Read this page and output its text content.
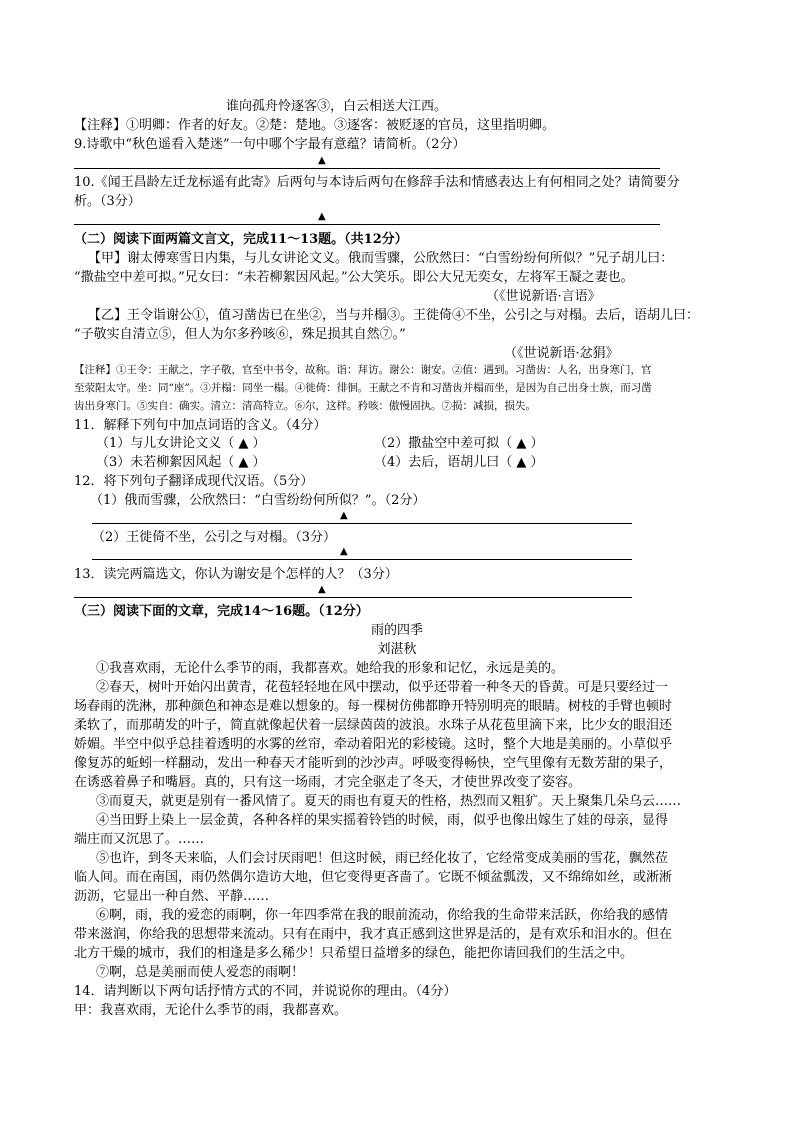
谁向孤舟怜逐客③，白云相送大江西。
【注释】①明卿：作者的好友。②楚：楚地。③逐客：被贬逐的官员，这里指明卿。
9.诗歌中“秋色遥看入楚迷”一句中哪个字最有意蕴？请简析。（2分）
▲
10.《闻王昌龄左迁龙标遥有此寄》后两句与本诗后两句在修辞手法和情感表达上有何相同之处？请简要分
析。（3分）
▲
（二）阅读下面两篇文言文，完成11～13题。（共12分）
【甲】谢太傅寒雪日内集，与儿女讲论文义。俄而雪骤，公欣然曰：“白雪纷纷何所似？”兄子胡儿曰：
“撒盐空中差可拟。”兄女曰：“未若柳絮因风起。”公大笑乐。即公大兄无奕女，左将军王凝之妻也。
（《世说新语·言语》
【乙】王令诣谢公①，值习凿齿已在坐②，当与并榻③。王徙倚④不坐，公引之与对榻。去后，语胡儿曰：
“子敬实自清立⑤，但人为尔多矜咳⑥，殊足损其自然⑦。”
（《世说新语·忿狷》
【注释】①王令：王献之，字子敬，官至中书令，故称。诣：拜访。谢公：谢安。②值：遇到。习凿齿：人名，出身寒门，官
至荥阳太守。坐：同“座”。③并榻：同坐一榻。④徙倚：徘徊。王献之不肯和习凿齿并榻而坐，是因为自己出身士族，而习凿
齿出身寒门。⑤实自：确实。清立：清高特立。⑥尔，这样。矜咳：傲慢固执。⑦损：减损，损失。
11．解释下列句中加点词语的含义。（4分）
（1）与儿女讲论文义（ ▲ ）	（2）撒盐空中差可拟（ ▲ ）
（3）未若柳絮因风起（ ▲ ）	（4）去后，语胡儿曰（ ▲ ）
12．将下列句子翻译成现代汉语。（5分）
（1）俄而雪骤，公欣然曰：“白雪纷纷何所似？”。（2分）
▲
（2）王徙倚不坐，公引之与对榻。（3分）
▲
13．读完两篇选文，你认为谢安是个怎样的人？（3分）
▲
（三）阅读下面的文章，完成14～16题。（12分）
雨的四季
刘湛秋
①我喜欢雨，无论什么季节的雨，我都喜欢。她给我的形象和记忆，永远是美的。
②春天，树叶开始闪出黄青，花苞轻轻地在风中摆动，似乎还带着一种冬天的昏黄。可是只要经过一
场春雨的洗淋，那种颜色和神态是难以想象的。每一棵树仿佛都睁开特别明亮的眼睛。树枝的手臂也顿时
柔软了，而那萌发的叶子，简直就像起伏着一层绿茵茵的波浪。水珠子从花苞里滴下来，比少女的眼泪还
娇媚。半空中似乎总挂着透明的水雾的丝帘，牵动着阳光的彩棱镜。这时，整个大地是美丽的。小草似乎
像复苏的蚯蚓一样翻动，发出一种春天才能听到的沙沙声。呼吸变得畅快，空气里像有无数芳甜的果子，
在诱惑着鼻子和嘴唇。真的，只有这一场雨，才完全驱走了冬天，才使世界改变了姿容。
③而夏天，就更是别有一番风情了。夏天的雨也有夏天的性格，热烈而又粗犷。天上聚集几朵乌云……
④当田野上染上一层金黄，各种各样的果实摇着铃铛的时候，雨，似乎也像出嫁生了娃的母亲，显得
端庄而又沉思了。……
⑤也许，到冬天来临，人们会讨厌雨吧！但这时候，雨已经化妆了，它经常变成美丽的雪花，飘然莅
临人间。而在南国，雨仍然偶尔造访大地，但它变得更吝啬了。它既不倾盆瓢泼，又不绵绵如丝，或淅淅
沥沥，它显出一种自然、平静……
⑥啊，雨，我的爱恋的雨啊，你一年四季常在我的眼前流动，你给我的生命带来活跃，你给我的感情
带来滋润，你给我的思想带来流动。只有在雨中，我才真正感到这世界是活的，是有欢乐和泪水的。但在
北方干燥的城市，我们的相逢是多么稀少！只希望日益增多的绿色，能把你请回我们的生活之中。
⑦啊，总是美丽而使人爱恋的雨啊！
14．请判断以下两句话抒情方式的不同，并说说你的理由。（4分）
甲：我喜欢雨，无论什么季节的雨，我都喜欢。
